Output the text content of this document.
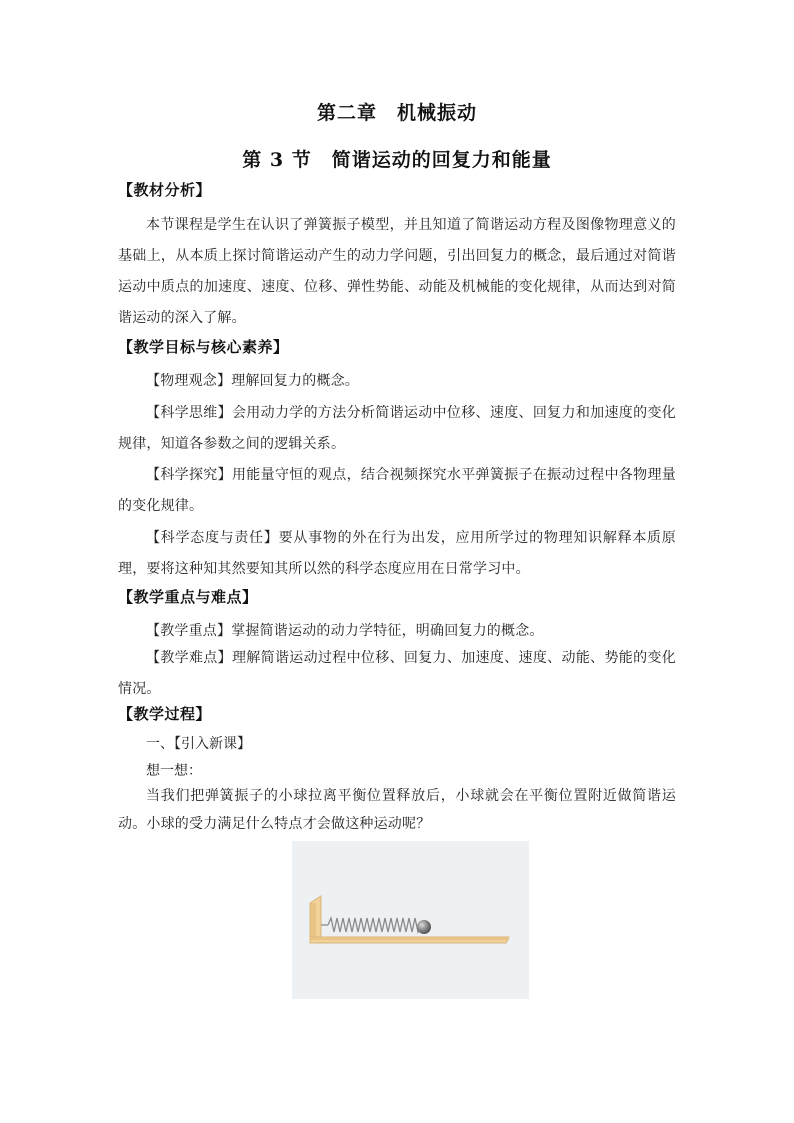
第二章　机械振动
第 3 节　简谐运动的回复力和能量
【教材分析】
本节课程是学生在认识了弹簧振子模型，并且知道了简谐运动方程及图像物理意义的基础上，从本质上探讨简谐运动产生的动力学问题，引出回复力的概念，最后通过对简谐运动中质点的加速度、速度、位移、弹性势能、动能及机械能的变化规律，从而达到对简谐运动的深入了解。
【教学目标与核心素养】
【物理观念】理解回复力的概念。
【科学思维】会用动力学的方法分析简谐运动中位移、速度、回复力和加速度的变化规律，知道各参数之间的逻辑关系。
【科学探究】用能量守恒的观点，结合视频探究水平弹簧振子在振动过程中各物理量的变化规律。
【科学态度与责任】要从事物的外在行为出发，应用所学过的物理知识解释本质原理，要将这种知其然要知其所以然的科学态度应用在日常学习中。
【教学重点与难点】
【教学重点】掌握简谐运动的动力学特征，明确回复力的概念。
【教学难点】理解简谐运动过程中位移、回复力、加速度、速度、动能、势能的变化情况。
【教学过程】
一、【引入新课】
想一想：
当我们把弹簧振子的小球拉离平衡位置释放后，小球就会在平衡位置附近做简谐运动。小球的受力满足什么特点才会做这种运动呢？
